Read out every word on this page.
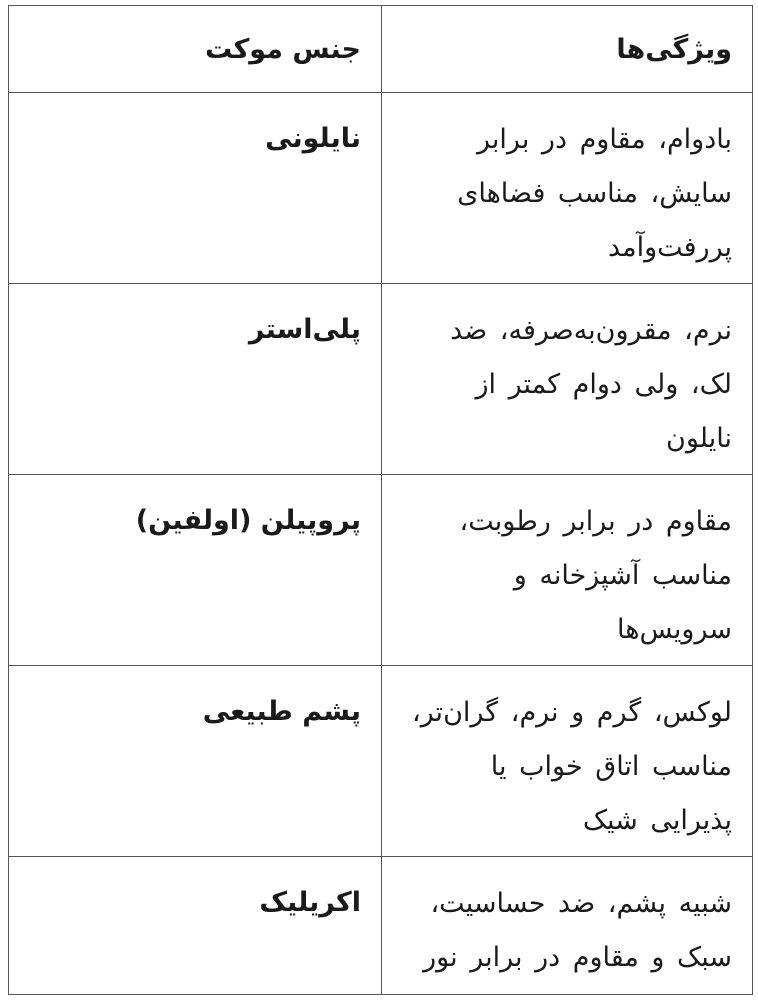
ویژگی‌ها	جنس موکت

بادوام، مقاوم در برابر سایش، مناسب فضاهای پررفت‌وآمد	نایلونی

نرم، مقرون‌به‌صرفه، ضد لک، ولی دوام کمتر از نایلون	پلی‌استر

مقاوم در برابر رطوبت، مناسب آشپزخانه و سرویس‌ها	پروپیلن (اولفین)

لوکس، گرم و نرم، گران‌تر، مناسب اتاق خواب یا پذیرایی شیک	پشم طبیعی

شبیه پشم، ضد حساسیت، سبک و مقاوم در برابر نور	اکریلیک
